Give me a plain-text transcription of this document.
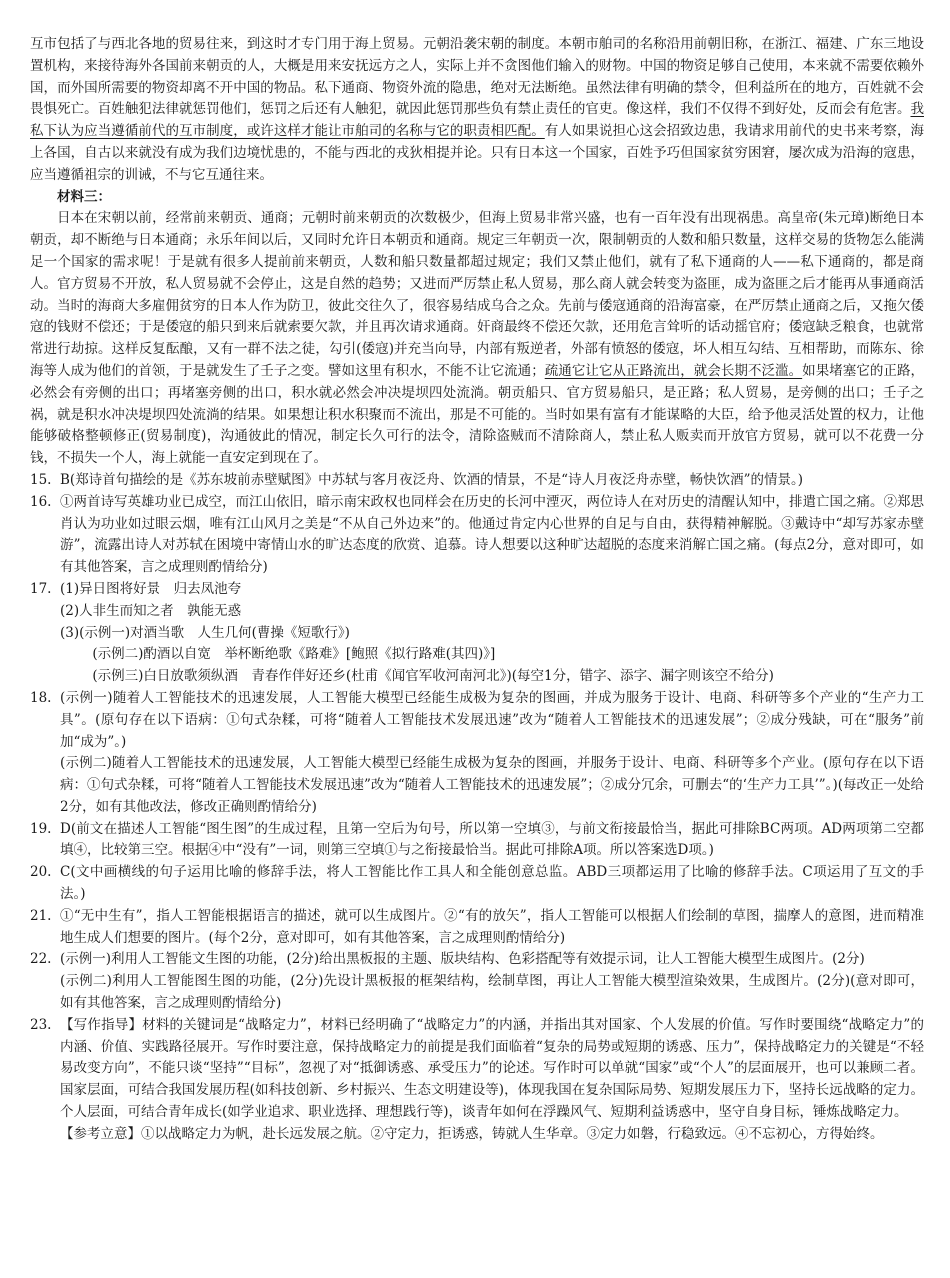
互市包括了与西北各地的贸易往来，到这时才专门用于海上贸易。元朝沿袭宋朝的制度。本朝市舶司的名称沿用前朝旧称，在浙江、福建、广东三地设置机构，来接待海外各国前来朝贡的人，大概是用来安抚远方之人，实际上并不贪图他们输入的财物。中国的物资足够自己使用，本来就不需要依赖外国，而外国所需要的物资却离不开中国的物品。私下通商、物资外流的隐患，绝对无法断绝。虽然法律有明确的禁令，但利益所在的地方，百姓就不会畏惧死亡。百姓触犯法律就惩罚他们，惩罚之后还有人触犯，就因此惩罚那些负有禁止责任的官吏。像这样，我们不仅得不到好处，反而会有危害。我私下认为应当遵循前代的互市制度，或许这样才能让市舶司的名称与它的职责相匹配。有人如果说担心这会招致边患，我请求用前代的史书来考察，海上各国，自古以来就没有成为我们边境忧患的，不能与西北的戎狄相提并论。只有日本这一个国家，百姓予巧但国家贫穷困窘，屡次成为沿海的寇患，应当遵循祖宗的训诫，不与它互通往来。

材料三：

日本在宋朝以前，经常前来朝贡、通商；元朝时前来朝贡的次数极少，但海上贸易非常兴盛，也有一百年没有出现祸患。高皇帝(朱元璋)断绝日本朝贡，却不断绝与日本通商；永乐年间以后，又同时允许日本朝贡和通商。规定三年朝贡一次，限制朝贡的人数和船只数量，这样交易的货物怎么能满足一个国家的需求呢！于是就有很多人提前前来朝贡，人数和船只数量都超过规定；我们又禁止他们，就有了私下通商的人——私下通商的，都是商人。官方贸易不开放，私人贸易就不会停止，这是自然的趋势；又进而严厉禁止私人贸易，那么商人就会转变为盗匪，成为盗匪之后才能再从事通商活动。当时的海商大多雇佣贫穷的日本人作为防卫，彼此交往久了，很容易结成乌合之众。先前与倭寇通商的沿海富豪，在严厉禁止通商之后，又拖欠倭寇的钱财不偿还；于是倭寇的船只到来后就索要欠款，并且再次请求通商。奸商最终不偿还欠款，还用危言耸听的话动摇官府；倭寇缺乏粮食，也就常常进行劫掠。这样反复酝酿，又有一群不法之徒，勾引(倭寇)并充当向导，内部有叛逆者，外部有愤怒的倭寇，坏人相互勾结、互相帮助，而陈东、徐海等人成为他们的首领，于是就发生了壬子之变。譬如这里有积水，不能不让它流通；疏通它让它从正路流出，就会长期不泛滥。如果堵塞它的正路，必然会有旁侧的出口；再堵塞旁侧的出口，积水就必然会冲决堤坝四处流淌。朝贡船只、官方贸易船只，是正路；私人贸易，是旁侧的出口；壬子之祸，就是积水冲决堤坝四处流淌的结果。如果想让积水积聚而不流出，那是不可能的。当时如果有富有才能谋略的大臣，给予他灵活处置的权力，让他能够破格整顿修正(贸易制度)，沟通彼此的情况，制定长久可行的法令，清除盗贼而不清除商人，禁止私人贩卖而开放官方贸易，就可以不花费一分钱，不损失一个人，海上就能一直安定到现在了。

15. B(郑诗首句描绘的是《苏东坡前赤壁赋图》中苏轼与客月夜泛舟、饮酒的情景，不是“诗人月夜泛舟赤壁，畅快饮酒”的情景。)

16. ①两首诗写英雄功业已成空，而江山依旧，暗示南宋政权也同样会在历史的长河中湮灭，两位诗人在对历史的清醒认知中，排遣亡国之痛。②郑思肖认为功业如过眼云烟，唯有江山风月之美是“不从自己外边来”的。他通过肯定内心世界的自足与自由，获得精神解脱。③戴诗中“却写苏家赤壁游”，流露出诗人对苏轼在困境中寄情山水的旷达态度的欣赏、追慕。诗人想要以这种旷达超脱的态度来消解亡国之痛。(每点2分，意对即可，如有其他答案，言之成理则酌情给分)

17. (1)异日图将好景　归去凤池夸

(2)人非生而知之者　孰能无惑

(3)(示例一)对酒当歌　人生几何(曹操《短歌行》)

(示例二)酌酒以自宽　举杯断绝歌《路难》[鲍照《拟行路难(其四)》]

(示例三)白日放歌须纵酒　青春作伴好还乡(杜甫《闻官军收河南河北》)(每空1分，错字、添字、漏字则该空不给分)

18. (示例一)随着人工智能技术的迅速发展，人工智能大模型已经能生成极为复杂的图画，并成为服务于设计、电商、科研等多个产业的“生产力工具”。(原句存在以下语病：①句式杂糅，可将“随着人工智能技术发展迅速”改为“随着人工智能技术的迅速发展”；②成分残缺，可在“服务”前加“成为”。)

(示例二)随着人工智能技术的迅速发展，人工智能大模型已经能生成极为复杂的图画，并服务于设计、电商、科研等多个产业。(原句存在以下语病：①句式杂糅，可将“随着人工智能技术发展迅速”改为“随着人工智能技术的迅速发展”；②成分冗余，可删去“的‘生产力工具’”。)(每改正一处给2分，如有其他改法，修改正确则酌情给分)

19. D(前文在描述人工智能“图生图”的生成过程，且第一空后为句号，所以第一空填③，与前文衔接最恰当，据此可排除BC两项。AD两项第二空都填④，比较第三空。根据④中“没有”一词，则第三空填①与之衔接最恰当。据此可排除A项。所以答案选D项。)

20. C(文中画横线的句子运用比喻的修辞手法，将人工智能比作工具人和全能创意总监。ABD三项都运用了比喻的修辞手法。C项运用了互文的手法。)

21. ①“无中生有”，指人工智能根据语言的描述，就可以生成图片。②“有的放矢”，指人工智能可以根据人们绘制的草图，揣摩人的意图，进而精准地生成人们想要的图片。(每个2分，意对即可，如有其他答案，言之成理则酌情给分)

22. (示例一)利用人工智能文生图的功能，(2分)给出黑板报的主题、版块结构、色彩搭配等有效提示词，让人工智能大模型生成图片。(2分)

(示例二)利用人工智能图生图的功能，(2分)先设计黑板报的框架结构，绘制草图，再让人工智能大模型渲染效果，生成图片。(2分)(意对即可，如有其他答案，言之成理则酌情给分)

23. 【写作指导】材料的关键词是“战略定力”，材料已经明确了“战略定力”的内涵，并指出其对国家、个人发展的价值。写作时要围绕“战略定力”的内涵、价值、实践路径展开。写作时要注意，保持战略定力的前提是我们面临着“复杂的局势或短期的诱惑、压力”，保持战略定力的关键是“不轻易改变方向”，不能只谈“坚持”“目标”，忽视了对“抵御诱惑、承受压力”的论述。写作时可以单就“国家”或“个人”的层面展开，也可以兼顾二者。国家层面，可结合我国发展历程(如科技创新、乡村振兴、生态文明建设等)，体现我国在复杂国际局势、短期发展压力下，坚持长远战略的定力。个人层面，可结合青年成长(如学业追求、职业选择、理想践行等)，谈青年如何在浮躁风气、短期利益诱惑中，坚守自身目标，锤炼战略定力。

【参考立意】①以战略定力为帆，赴长远发展之航。②守定力，拒诱惑，铸就人生华章。③定力如磐，行稳致远。④不忘初心，方得始终。
